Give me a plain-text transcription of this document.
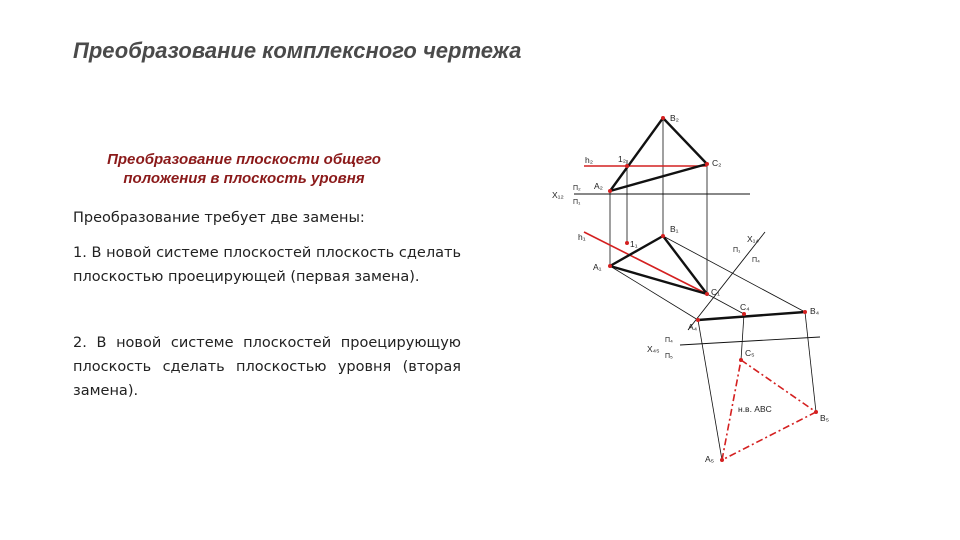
Преобразование комплексного чертежа
Преобразование плоскости общего положения в плоскость уровня
Преобразование требует две замены:
1. В новой системе плоскостей плоскость сделать плоскостью проецирующей (первая замена).
2. В новой системе плоскостей проецирующую плоскость сделать плоскостью уровня (вторая замена).
B₂
C₂
A₂
h₂	1₂
X₁₂
П₂
П₁
h₁
1₁
B₁
A₁
C₁
X₁₄
П₁
П₄
A₄
C₄	B₄
X₄₅
П₄
П₅	C₅
B₅
A₅
н.в. ABC
